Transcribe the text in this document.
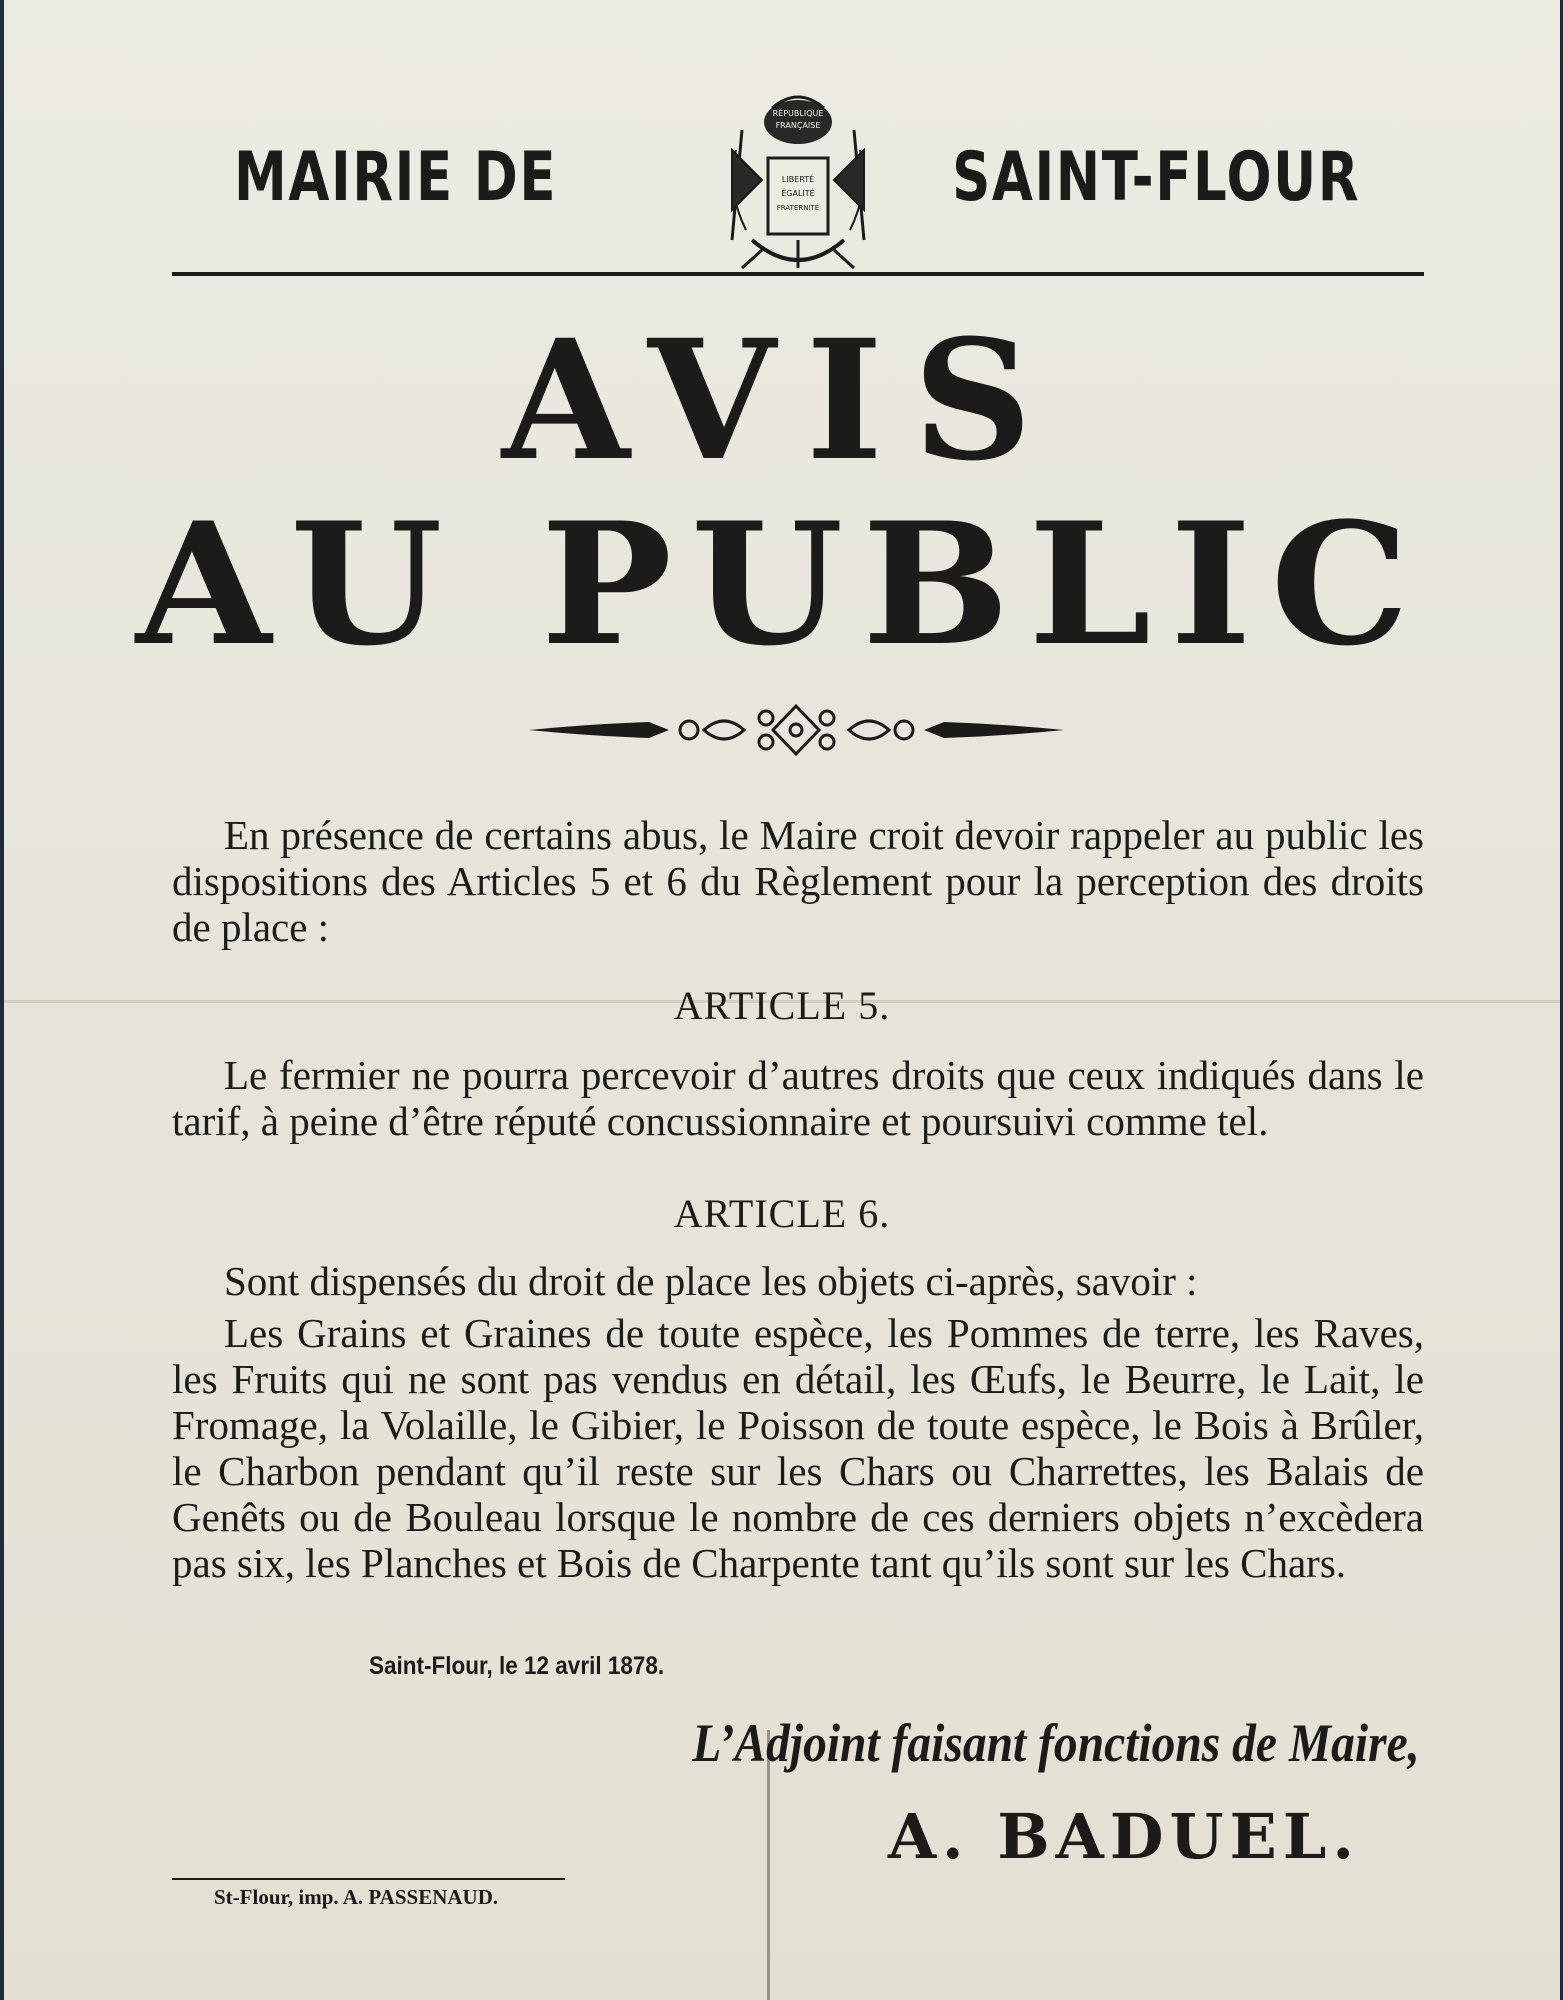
MAIRIE DE
RÉPUBLIQUE
FRANÇAISE
LIBERTÉ
ÉGALITÉ
FRATERNITÉ SAINT-FLOUR
AVIS
AU PUBLIC
En présence de certains abus, le Maire croit devoir rappeler au public les dispositions des Articles 5 et 6 du Règlement pour la perception des droits de place :
ARTICLE 5.
Le fermier ne pourra percevoir d’autres droits que ceux indiqués dans le tarif, à peine d’être réputé concussionnaire et poursuivi comme tel.
ARTICLE 6.
Sont dispensés du droit de place les objets ci-après, savoir :
Les Grains et Graines de toute espèce, les Pommes de terre, les Raves, les Fruits qui ne sont pas vendus en détail, les Œufs, le Beurre, le Lait, le Fromage, la Volaille, le Gibier, le Poisson de toute espèce, le Bois à Brûler, le Charbon pendant qu’il reste sur les Chars ou Charrettes, les Balais de Genêts ou de Bouleau lorsque le nombre de ces derniers objets n’excèdera pas six, les Planches et Bois de Charpente tant qu’ils sont sur les Chars.
Saint-Flour, le 12 avril 1878.
L’Adjoint faisant fonctions de Maire,
A. BADUEL.
St-Flour, imp. A. PASSENAUD.
